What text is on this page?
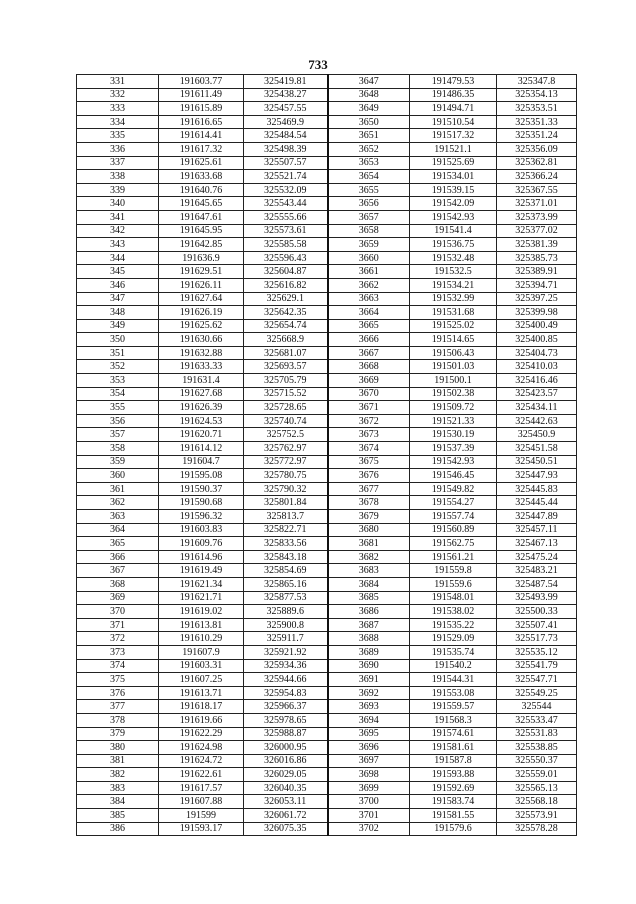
733
331	191603.77	325419.81	3647	191479.53	325347.8
332	191611.49	325438.27	3648	191486.35	325354.13
333	191615.89	325457.55	3649	191494.71	325353.51
334	191616.65	325469.9	3650	191510.54	325351.33
335	191614.41	325484.54	3651	191517.32	325351.24
336	191617.32	325498.39	3652	191521.1	325356.09
337	191625.61	325507.57	3653	191525.69	325362.81
338	191633.68	325521.74	3654	191534.01	325366.24
339	191640.76	325532.09	3655	191539.15	325367.55
340	191645.65	325543.44	3656	191542.09	325371.01
341	191647.61	325555.66	3657	191542.93	325373.99
342	191645.95	325573.61	3658	191541.4	325377.02
343	191642.85	325585.58	3659	191536.75	325381.39
344	191636.9	325596.43	3660	191532.48	325385.73
345	191629.51	325604.87	3661	191532.5	325389.91
346	191626.11	325616.82	3662	191534.21	325394.71
347	191627.64	325629.1	3663	191532.99	325397.25
348	191626.19	325642.35	3664	191531.68	325399.98
349	191625.62	325654.74	3665	191525.02	325400.49
350	191630.66	325668.9	3666	191514.65	325400.85
351	191632.88	325681.07	3667	191506.43	325404.73
352	191633.33	325693.57	3668	191501.03	325410.03
353	191631.4	325705.79	3669	191500.1	325416.46
354	191627.68	325715.52	3670	191502.38	325423.57
355	191626.39	325728.65	3671	191509.72	325434.11
356	191624.53	325740.74	3672	191521.33	325442.63
357	191620.71	325752.5	3673	191530.19	325450.9
358	191614.12	325762.97	3674	191537.39	325451.58
359	191604.7	325772.97	3675	191542.93	325450.51
360	191595.08	325780.75	3676	191546.45	325447.93
361	191590.37	325790.32	3677	191549.82	325445.83
362	191590.68	325801.84	3678	191554.27	325445.44
363	191596.32	325813.7	3679	191557.74	325447.89
364	191603.83	325822.71	3680	191560.89	325457.11
365	191609.76	325833.56	3681	191562.75	325467.13
366	191614.96	325843.18	3682	191561.21	325475.24
367	191619.49	325854.69	3683	191559.8	325483.21
368	191621.34	325865.16	3684	191559.6	325487.54
369	191621.71	325877.53	3685	191548.01	325493.99
370	191619.02	325889.6	3686	191538.02	325500.33
371	191613.81	325900.8	3687	191535.22	325507.41
372	191610.29	325911.7	3688	191529.09	325517.73
373	191607.9	325921.92	3689	191535.74	325535.12
374	191603.31	325934.36	3690	191540.2	325541.79
375	191607.25	325944.66	3691	191544.31	325547.71
376	191613.71	325954.83	3692	191553.08	325549.25
377	191618.17	325966.37	3693	191559.57	325544
378	191619.66	325978.65	3694	191568.3	325533.47
379	191622.29	325988.87	3695	191574.61	325531.83
380	191624.98	326000.95	3696	191581.61	325538.85
381	191624.72	326016.86	3697	191587.8	325550.37
382	191622.61	326029.05	3698	191593.88	325559.01
383	191617.57	326040.35	3699	191592.69	325565.13
384	191607.88	326053.11	3700	191583.74	325568.18
385	191599	326061.72	3701	191581.55	325573.91
386	191593.17	326075.35	3702	191579.6	325578.28
